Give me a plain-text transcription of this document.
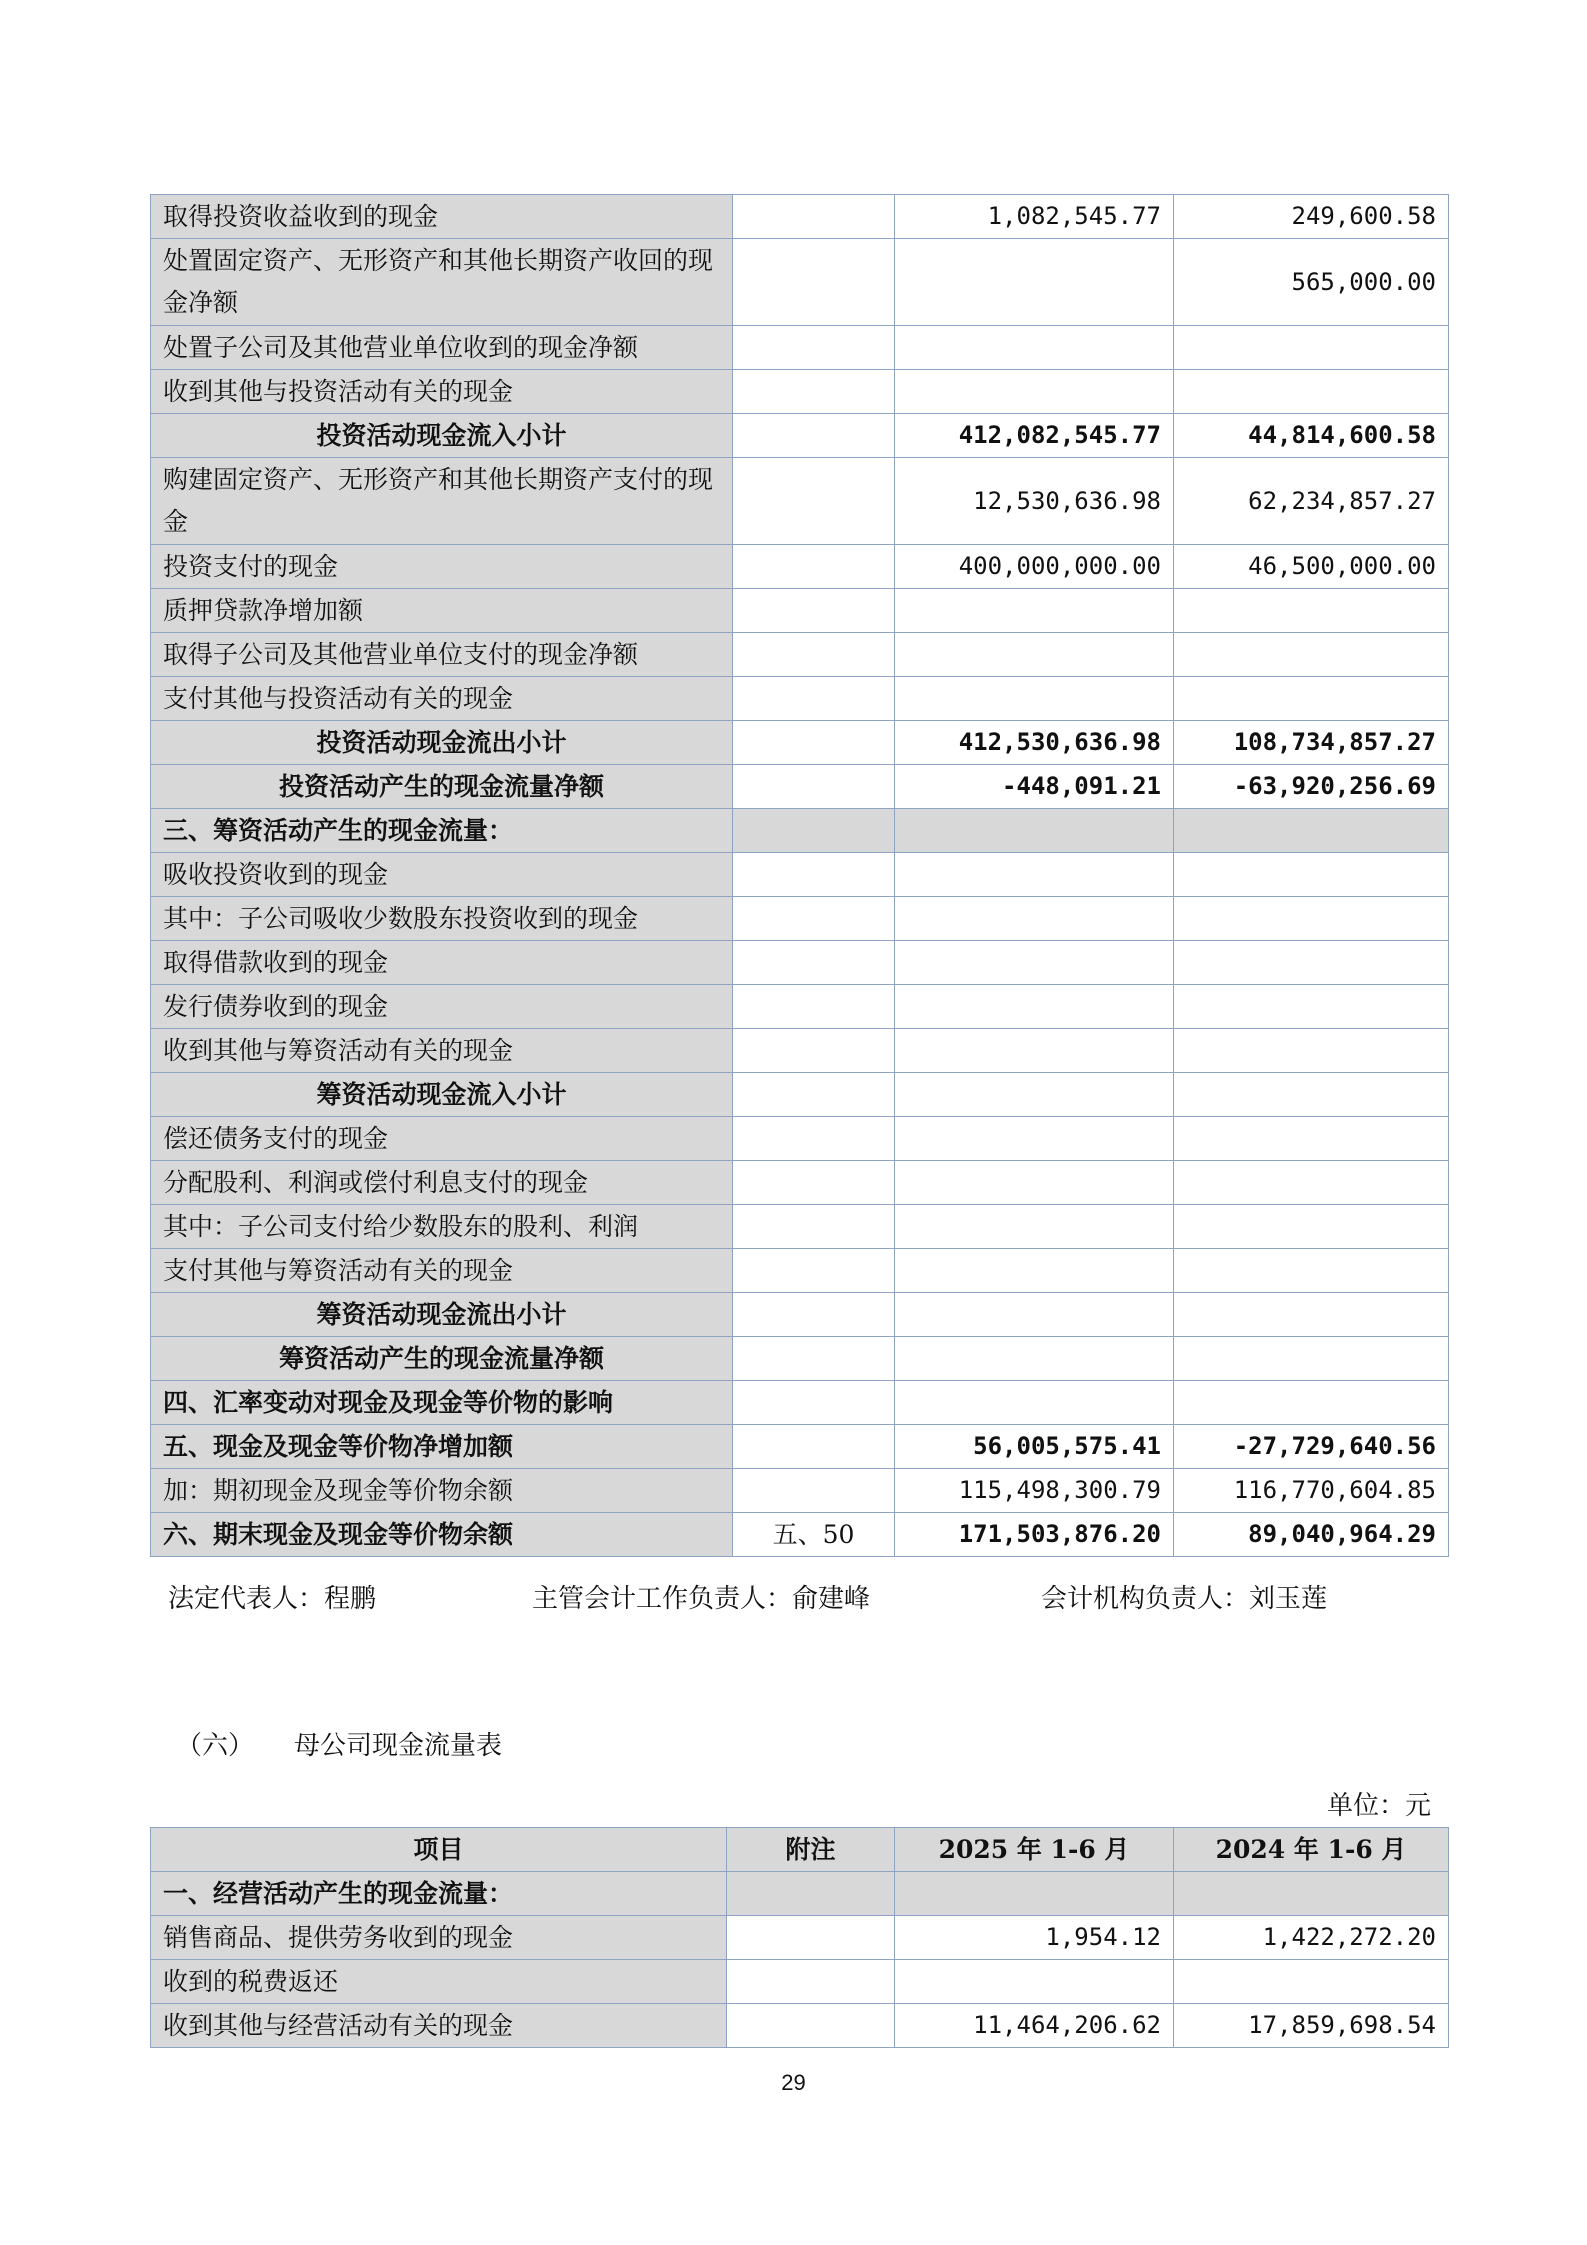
取得投资收益收到的现金		1,082,545.77	249,600.58
处置固定资产、无形资产和其他长期资产收回的现金净额			565,000.00
处置子公司及其他营业单位收到的现金净额			
收到其他与投资活动有关的现金			
投资活动现金流入小计		412,082,545.77	44,814,600.58
购建固定资产、无形资产和其他长期资产支付的现金		12,530,636.98	62,234,857.27
投资支付的现金		400,000,000.00	46,500,000.00
质押贷款净增加额			
取得子公司及其他营业单位支付的现金净额			
支付其他与投资活动有关的现金			
投资活动现金流出小计		412,530,636.98	108,734,857.27
投资活动产生的现金流量净额		-448,091.21	-63,920,256.69
三、筹资活动产生的现金流量：			
吸收投资收到的现金			
其中：子公司吸收少数股东投资收到的现金			
取得借款收到的现金			
发行债券收到的现金			
收到其他与筹资活动有关的现金			
筹资活动现金流入小计			
偿还债务支付的现金			
分配股利、利润或偿付利息支付的现金			
其中：子公司支付给少数股东的股利、利润			
支付其他与筹资活动有关的现金			
筹资活动现金流出小计			
筹资活动产生的现金流量净额			
四、汇率变动对现金及现金等价物的影响			
五、现金及现金等价物净增加额		56,005,575.41	-27,729,640.56
加：期初现金及现金等价物余额		115,498,300.79	116,770,604.85
六、期末现金及现金等价物余额	五、50	171,503,876.20	89,040,964.29
法定代表人：程鹏	主管会计工作负责人：俞建峰	会计机构负责人：刘玉莲
（六） 母公司现金流量表
单位：元
项目	附注	2025 年 1-6 月	2024 年 1-6 月
一、经营活动产生的现金流量：			
销售商品、提供劳务收到的现金		1,954.12	1,422,272.20
收到的税费返还			
收到其他与经营活动有关的现金		11,464,206.62	17,859,698.54
29
